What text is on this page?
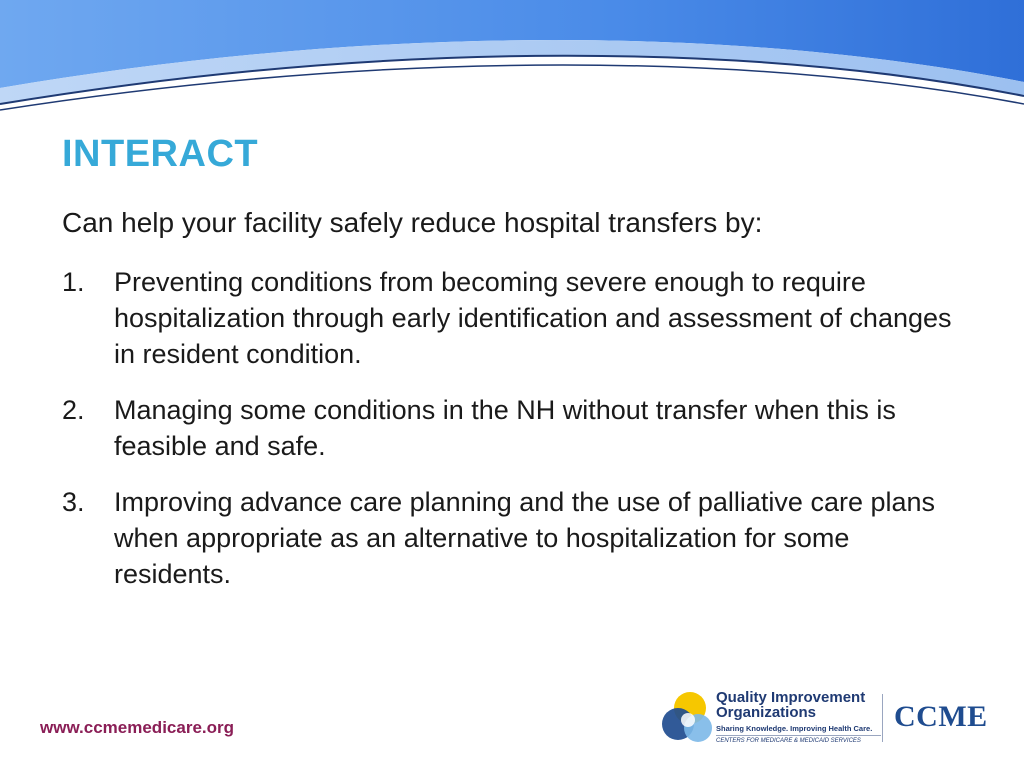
INTERACT

Can help your facility safely reduce hospital transfers by:

1. Preventing conditions from becoming severe enough to require hospitalization through early identification and assessment of changes in resident condition.
2. Managing some conditions in the NH without transfer when this is feasible and safe.
3. Improving advance care planning and the use of palliative care plans when appropriate as an alternative to hospitalization for some residents.
www.ccmemedicare.org
Quality Improvement
Organizations
Sharing Knowledge. Improving Health Care.
CENTERS FOR MEDICARE & MEDICAID SERVICES
CCME
